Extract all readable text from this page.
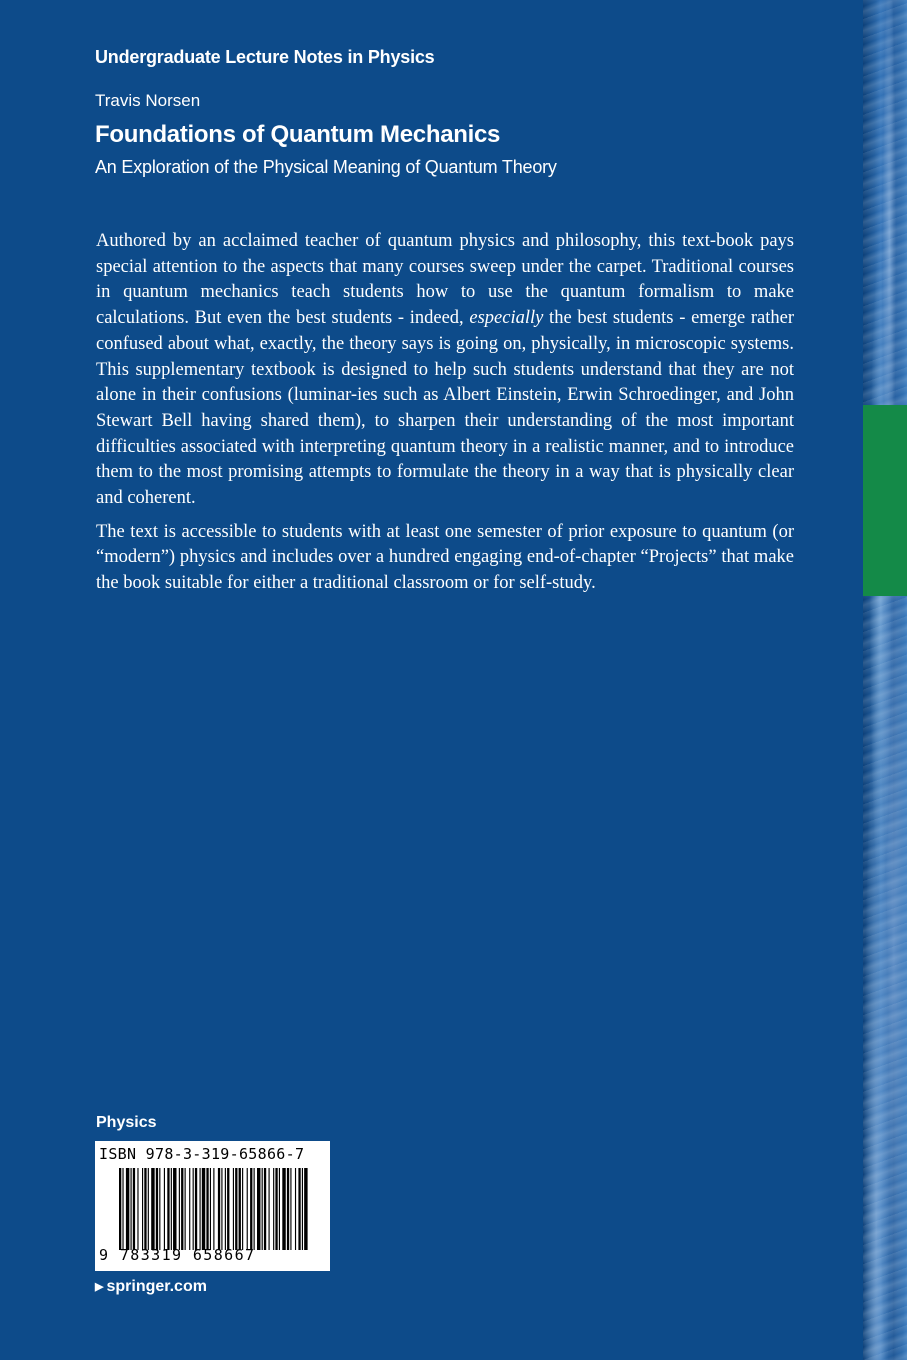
Undergraduate Lecture Notes in Physics
Travis Norsen
Foundations of Quantum Mechanics
An Exploration of the Physical Meaning of Quantum Theory

Authored by an acclaimed teacher of quantum physics and philosophy, this text-book pays special attention to the aspects that many courses sweep under the carpet. Traditional courses in quantum mechanics teach students how to use the quantum formalism to make calculations. But even the best students - indeed, especially the best students - emerge rather confused about what, exactly, the theory says is going on, physically, in microscopic systems. This supplementary textbook is designed to help such students understand that they are not alone in their confusions (luminar-ies such as Albert Einstein, Erwin Schroedinger, and John Stewart Bell having shared them), to sharpen their understanding of the most important difficulties associated with interpreting quantum theory in a realistic manner, and to introduce them to the most promising attempts to formulate the theory in a way that is physically clear and coherent.

The text is accessible to students with at least one semester of prior exposure to quantum (or “modern”) physics and includes over a hundred engaging end-of-chapter “Projects” that make the book suitable for either a traditional classroom or for self-study.

Physics
ISBN 978-3-319-65866-7
9 783319 658667
▶ springer.com
